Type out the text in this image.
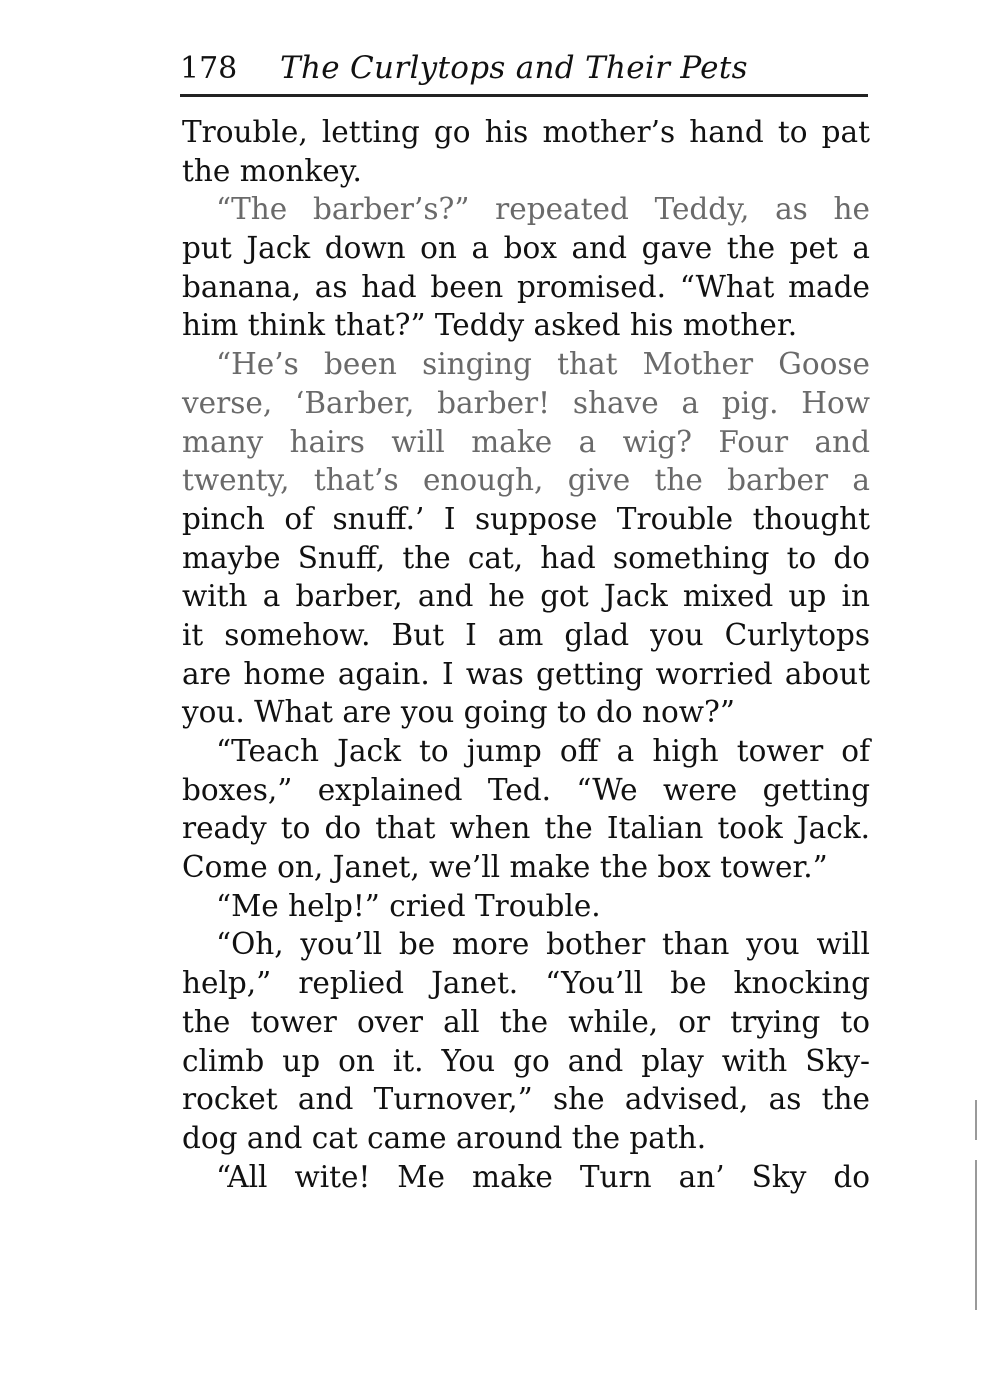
178	The Curlytops and Their Pets
Trouble, letting go his mother’s hand to pat
the monkey.
“The barber’s?” repeated Teddy, as he
put Jack down on a box and gave the pet a
banana, as had been promised. “What made
him think that?” Teddy asked his mother.
“He’s been singing that Mother Goose
verse, ‘Barber, barber! shave a pig. How
many hairs will make a wig? Four and
twenty, that’s enough, give the barber a
pinch of snuff.’ I suppose Trouble thought
maybe Snuff, the cat, had something to do
with a barber, and he got Jack mixed up in
it somehow. But I am glad you Curlytops
are home again. I was getting worried about
you. What are you going to do now?”
“Teach Jack to jump off a high tower of
boxes,” explained Ted. “We were getting
ready to do that when the Italian took Jack.
Come on, Janet, we’ll make the box tower.”
“Me help!” cried Trouble.
“Oh, you’ll be more bother than you will
help,” replied Janet. “You’ll be knocking
the tower over all the while, or trying to
climb up on it. You go and play with Sky-
rocket and Turnover,” she advised, as the
dog and cat came around the path.
“All wite! Me make Turn an’ Sky do
